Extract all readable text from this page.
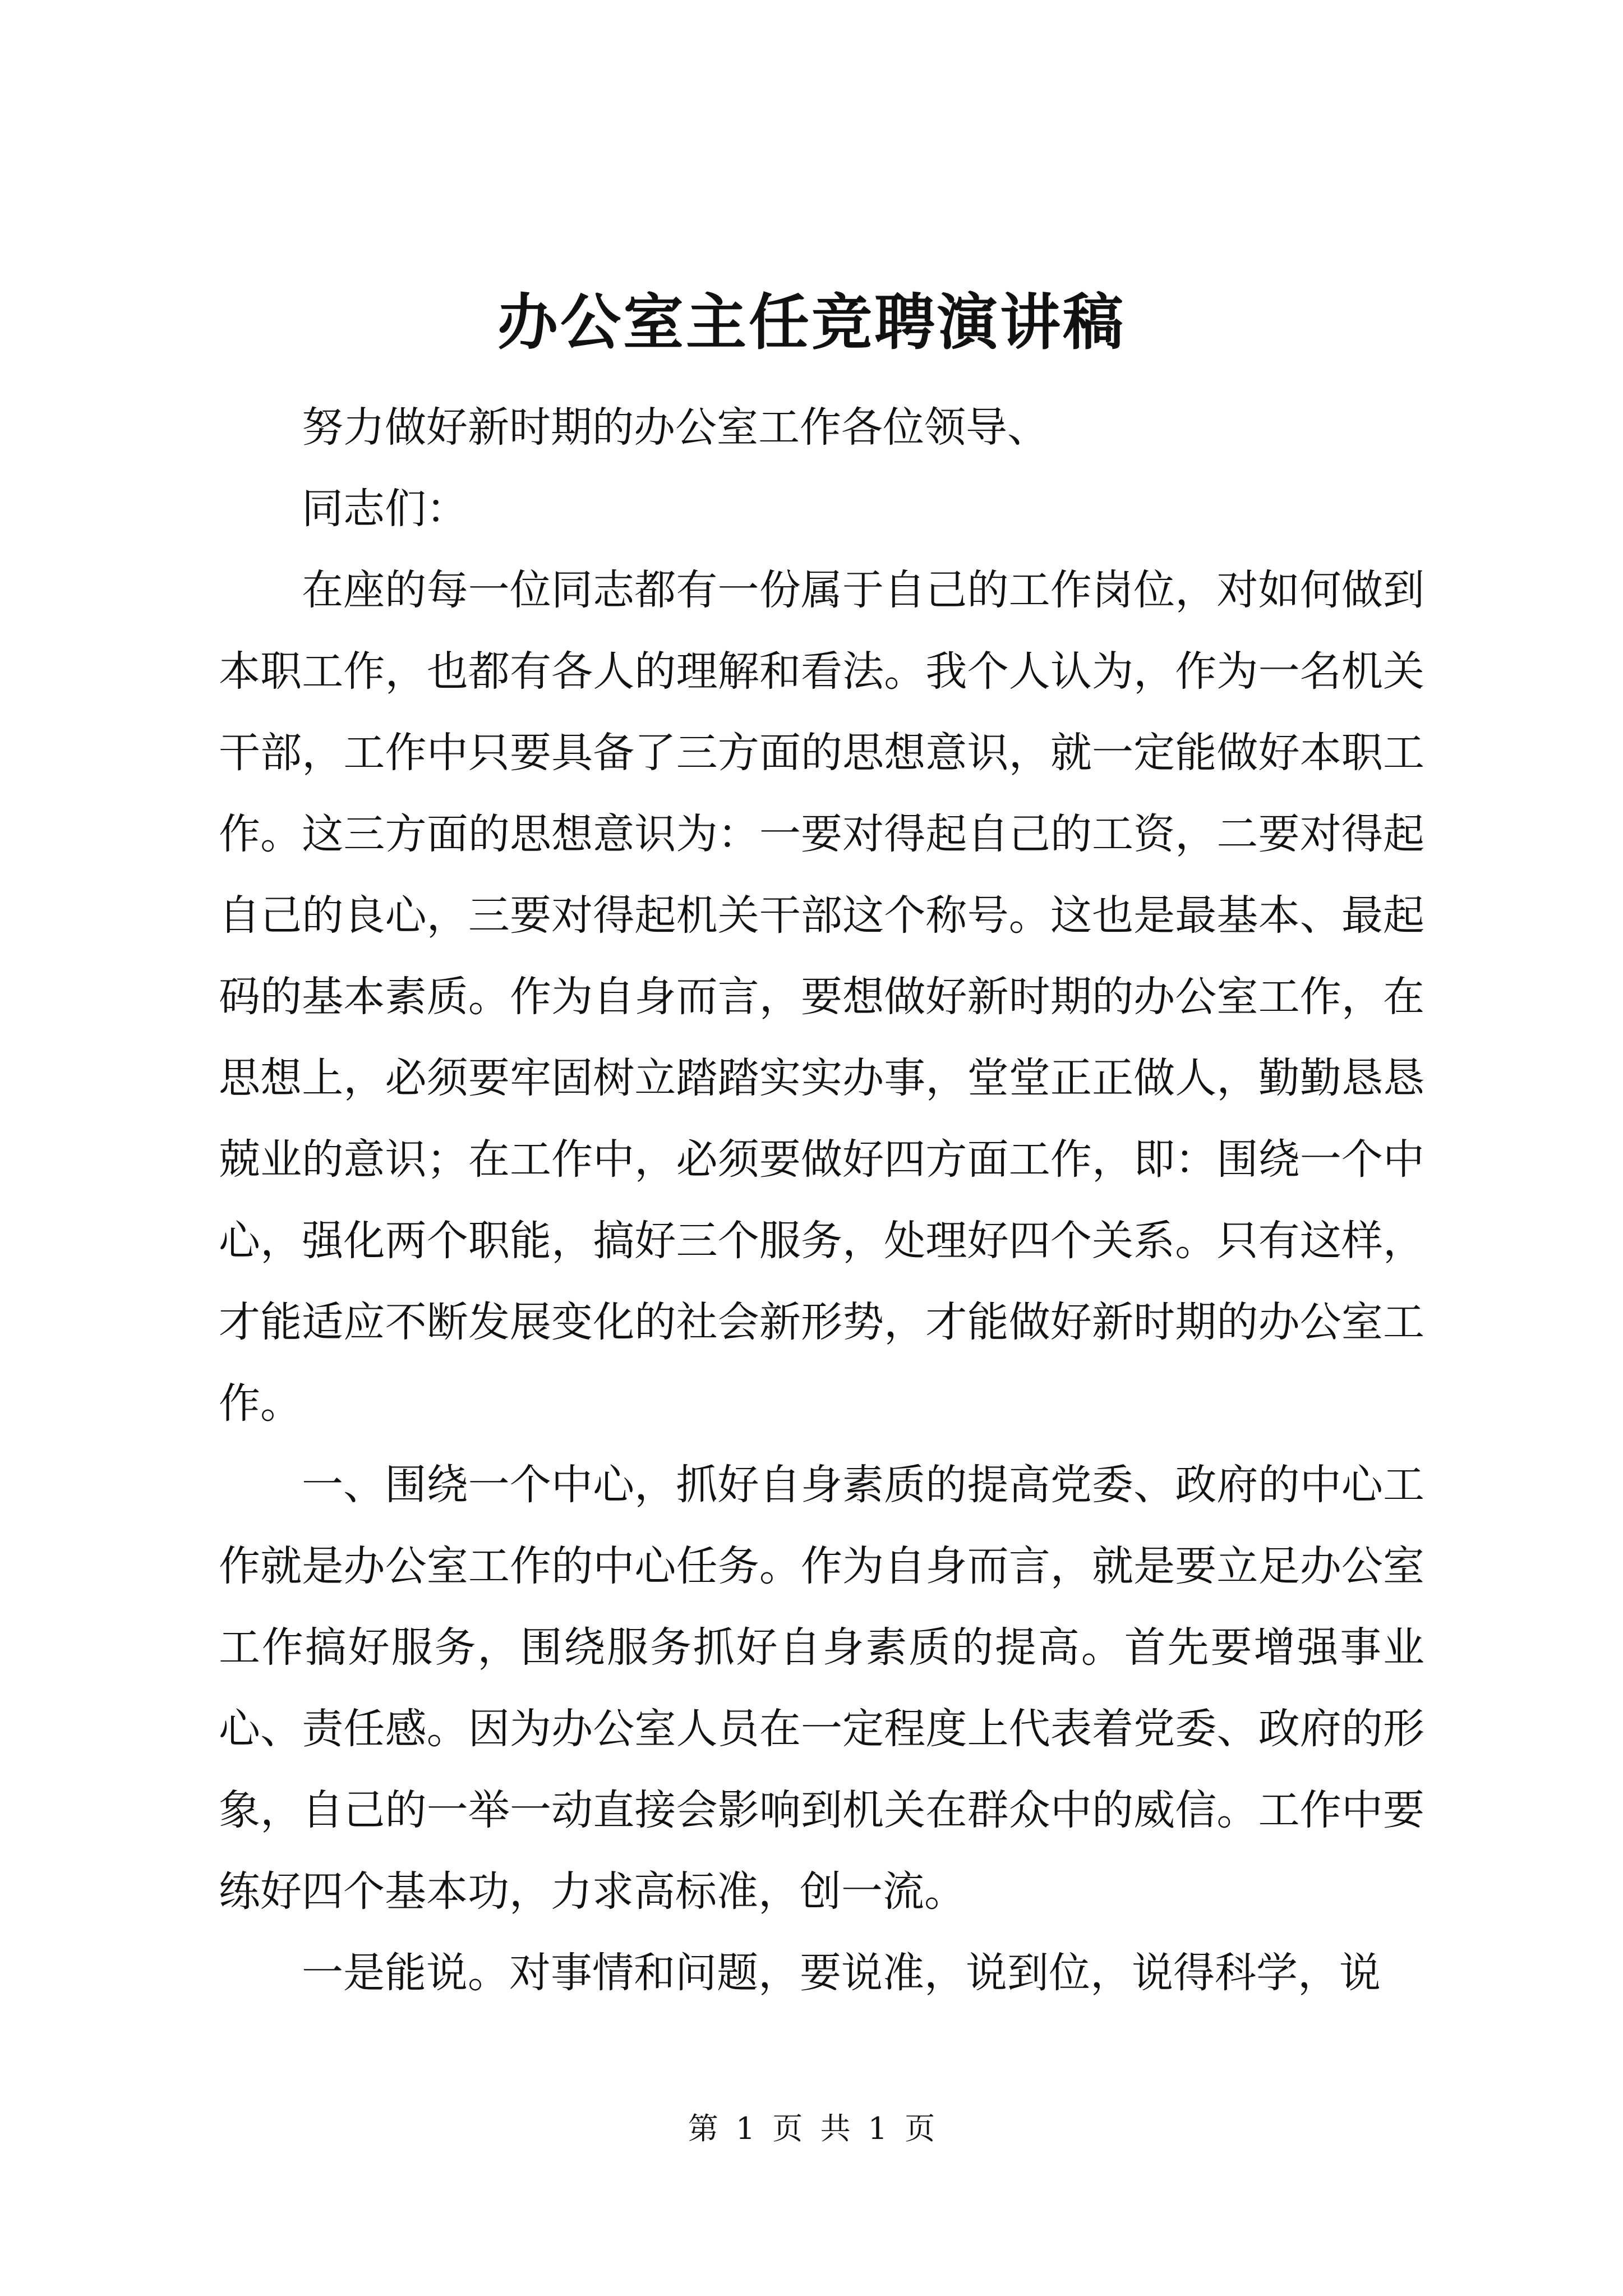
办公室主任竞聘演讲稿

努力做好新时期的办公室工作各位领导、

同志们：

在座的每一位同志都有一份属于自己的工作岗位，对如何做到本职工作，也都有各人的理解和看法。我个人认为，作为一名机关干部，工作中只要具备了三方面的思想意识，就一定能做好本职工作。这三方面的思想意识为：一要对得起自己的工资，二要对得起自己的良心，三要对得起机关干部这个称号。这也是最基本、最起码的基本素质。作为自身而言，要想做好新时期的办公室工作，在思想上，必须要牢固树立踏踏实实办事，堂堂正正做人，勤勤恳恳兢业的意识；在工作中，必须要做好四方面工作，即：围绕一个中心，强化两个职能，搞好三个服务，处理好四个关系。只有这样，才能适应不断发展变化的社会新形势，才能做好新时期的办公室工作。

一、围绕一个中心，抓好自身素质的提高党委、政府的中心工作就是办公室工作的中心任务。作为自身而言，就是要立足办公室工作搞好服务，围绕服务抓好自身素质的提高。首先要增强事业心、责任感。因为办公室人员在一定程度上代表着党委、政府的形象，自己的一举一动直接会影响到机关在群众中的威信。工作中要练好四个基本功，力求高标准，创一流。

一是能说。对事情和问题，要说准，说到位，说得科学，说

第 1 页 共 1 页
